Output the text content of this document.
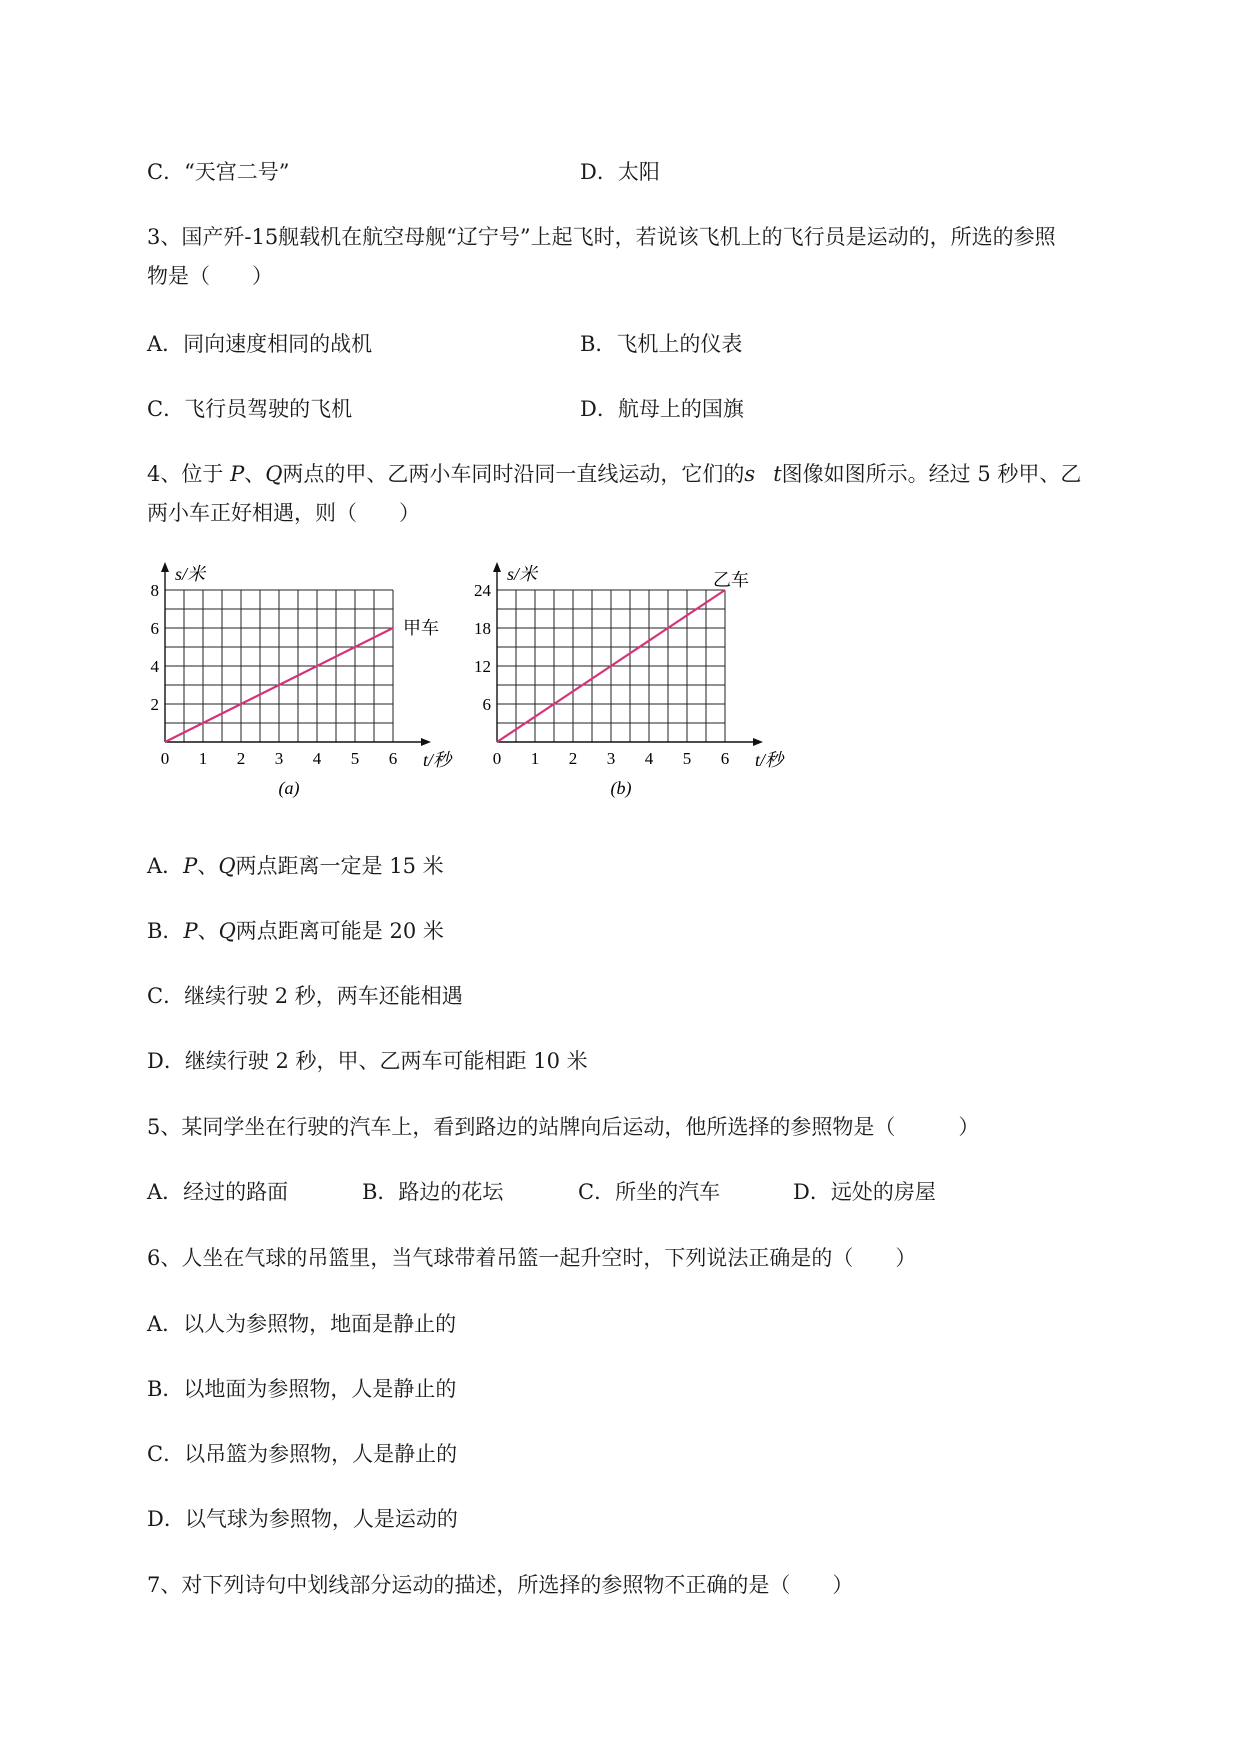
C．“天宫二号”	D．太阳
3、国产歼-15舰载机在航空母舰“辽宁号”上起飞时，若说该飞机上的飞行员是运动的，所选的参照
物是（　　）
A．同向速度相同的战机	B．飞机上的仪表
C．飞行员驾驶的飞机	D．航母上的国旗
4、位于 P、Q两点的甲、乙两小车同时沿同一直线运动，它们的s t图像如图所示。经过 5 秒甲、乙
两小车正好相遇，则（　　）
0 1 2 3 4 5 6
2
4
6
8
s/米
t/秒
(a)
甲车
0 1 2 3 4 5 6
6
12
18
24
s/米
t/秒
(b)
乙车
A．P、Q两点距离一定是 15 米
B．P、Q两点距离可能是 20 米
C．继续行驶 2 秒，两车还能相遇
D．继续行驶 2 秒，甲、乙两车可能相距 10 米
5、某同学坐在行驶的汽车上，看到路边的站牌向后运动，他所选择的参照物是（　　　）
A．经过的路面	B．路边的花坛	C．所坐的汽车	D．远处的房屋
6、人坐在气球的吊篮里，当气球带着吊篮一起升空时，下列说法正确是的（　　）
A．以人为参照物，地面是静止的
B．以地面为参照物，人是静止的
C．以吊篮为参照物，人是静止的
D．以气球为参照物，人是运动的
7、对下列诗句中划线部分运动的描述，所选择的参照物不正确的是（　　）
